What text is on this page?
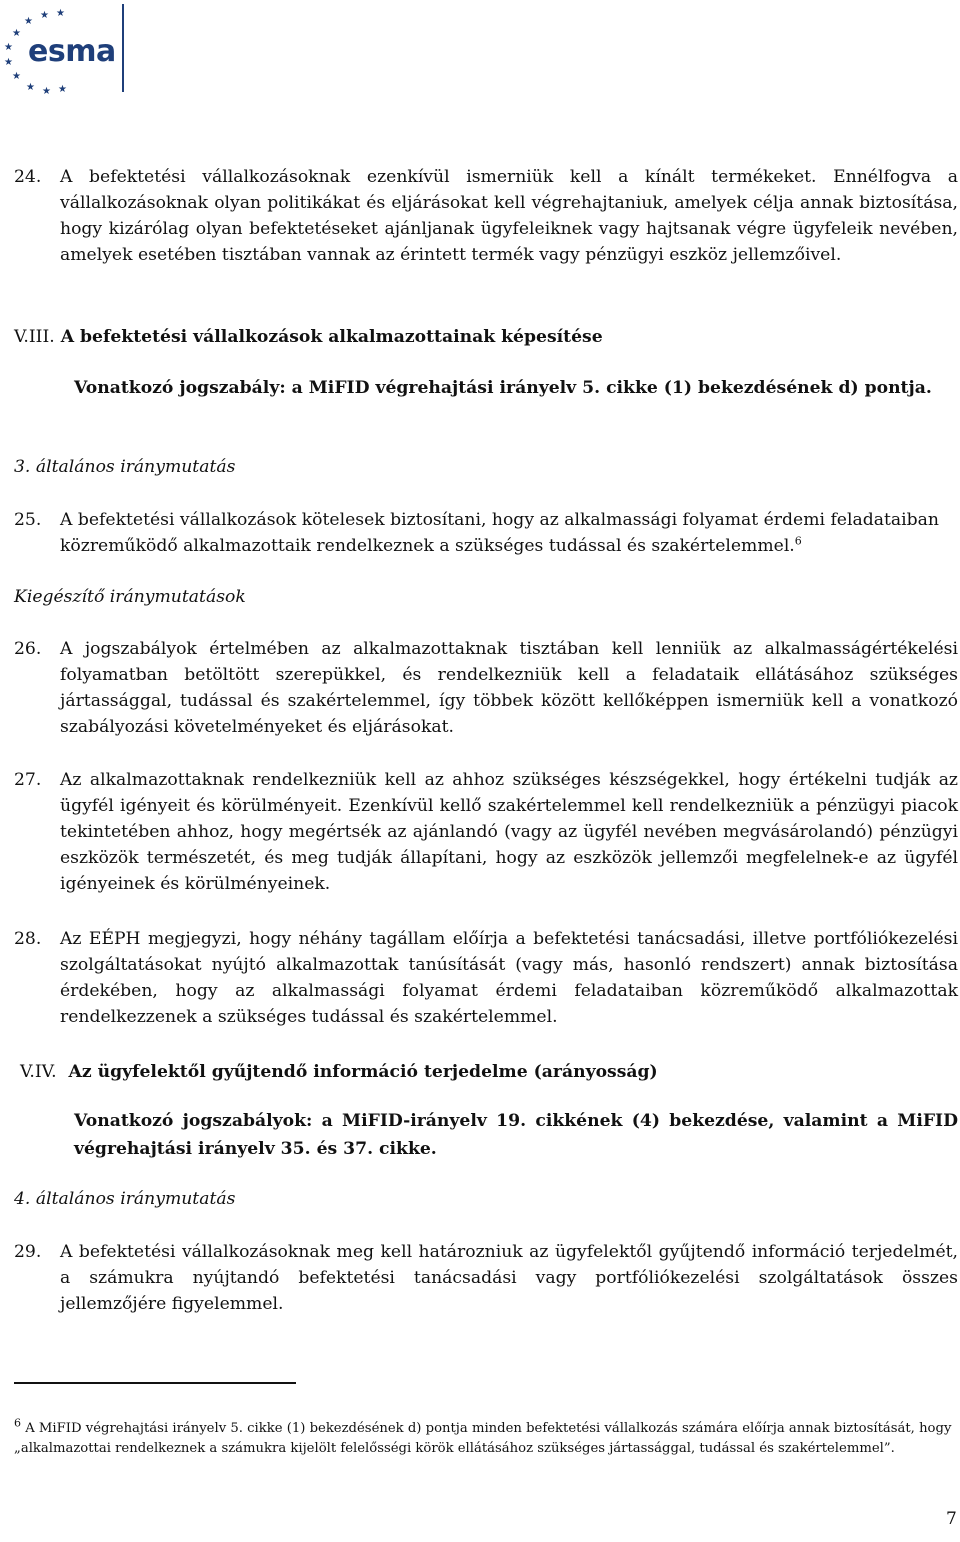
★ ★
★
★
★
★
★
★ ★ ★
esma
24.	A befektetési vállalkozásoknak ezenkívül ismerniük kell a kínált termékeket. Ennélfogva a vállalkozásoknak olyan politikákat és eljárásokat kell végrehajtaniuk, amelyek célja annak biztosítása, hogy kizárólag olyan befektetéseket ajánljanak ügyfeleiknek vagy hajtsanak végre ügyfeleik nevében, amelyek esetében tisztában vannak az érintett termék vagy pénzügyi eszköz jellemzőivel.
V.III. A befektetési vállalkozások alkalmazottainak képesítése
Vonatkozó jogszabály: a MiFID végrehajtási irányelv 5. cikke (1) bekezdésének d) pontja.
3. általános iránymutatás
25.	A befektetési vállalkozások kötelesek biztosítani, hogy az alkalmassági folyamat érdemi feladataiban közreműködő alkalmazottaik rendelkeznek a szükséges tudással és szakértelemmel.$^6$
Kiegészítő iránymutatások
26.	A jogszabályok értelmében az alkalmazottaknak tisztában kell lenniük az alkalmasságértékelési folyamatban betöltött szerepükkel, és rendelkezniük kell a feladataik ellátásához szükséges jártassággal, tudással és szakértelemmel, így többek között kellőképpen ismerniük kell a vonatkozó szabályozási követelményeket és eljárásokat.
27.	Az alkalmazottaknak rendelkezniük kell az ahhoz szükséges készségekkel, hogy értékelni tudják az ügyfél igényeit és körülményeit. Ezenkívül kellő szakértelemmel kell rendelkezniük a pénzügyi piacok tekintetében ahhoz, hogy megértsék az ajánlandó (vagy az ügyfél nevében megvásárolandó) pénzügyi eszközök természetét, és meg tudják állapítani, hogy az eszközök jellemzői megfelelnek-e az ügyfél igényeinek és körülményeinek.
28.	Az EÉPH megjegyzi, hogy néhány tagállam előírja a befektetési tanácsadási, illetve portfóliókezelési szolgáltatásokat nyújtó alkalmazottak tanúsítását (vagy más, hasonló rendszert) annak biztosítása érdekében, hogy az alkalmassági folyamat érdemi feladataiban közreműködő alkalmazottak rendelkezzenek a szükséges tudással és szakértelemmel.
V.IV. Az ügyfelektől gyűjtendő információ terjedelme (arányosság)
Vonatkozó jogszabályok: a MiFID-irányelv 19. cikkének (4) bekezdése, valamint a MiFID végrehajtási irányelv 35. és 37. cikke.
4. általános iránymutatás
29.	A befektetési vállalkozásoknak meg kell határozniuk az ügyfelektől gyűjtendő információ terjedelmét, a számukra nyújtandó befektetési tanácsadási vagy portfóliókezelési szolgáltatások összes jellemzőjére figyelemmel.
$^6$ A MiFID végrehajtási irányelv 5. cikke (1) bekezdésének d) pontja minden befektetési vállalkozás számára előírja annak biztosítását, hogy „alkalmazottai rendelkeznek a számukra kijelölt felelősségi körök ellátásához szükséges jártassággal, tudással és szakértelemmel”.
7
